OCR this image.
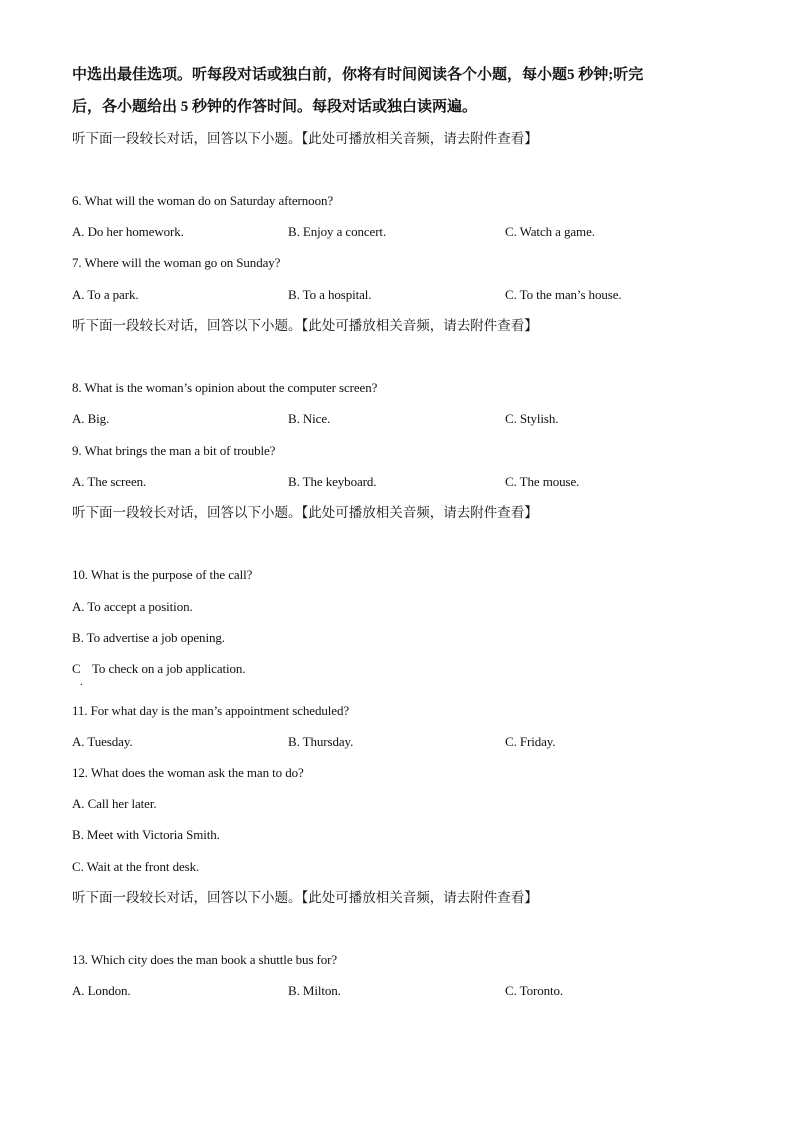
中选出最佳选项。听每段对话或独白前，你将有时间阅读各个小题，每小题5 秒钟;听完
后，各小题给出 5 秒钟的作答时间。每段对话或独白读两遍。
听下面一段较长对话，回答以下小题。【此处可播放相关音频，请去附件查看】
6. What will the woman do on Saturday afternoon?
A. Do her homework.	B. Enjoy a concert.	C. Watch a game.
7. Where will the woman go on Sunday?
A. To a park.	B. To a hospital.	C. To the man’s house.
听下面一段较长对话，回答以下小题。【此处可播放相关音频，请去附件查看】
8. What is the woman’s opinion about the computer screen?
A. Big.	B. Nice.	C. Stylish.
9. What brings the man a bit of trouble?
A. The screen.	B. The keyboard.	C. The mouse.
听下面一段较长对话，回答以下小题。【此处可播放相关音频，请去附件查看】
10. What is the purpose of the call?
A. To accept a position.
B. To advertise a job opening.
C To check on a job application.
.
11. For what day is the man’s appointment scheduled?
A. Tuesday.	B. Thursday.	C. Friday.
12. What does the woman ask the man to do?
A. Call her later.
B. Meet with Victoria Smith.
C. Wait at the front desk.
听下面一段较长对话，回答以下小题。【此处可播放相关音频，请去附件查看】
13. Which city does the man book a shuttle bus for?
A. London.	B. Milton.	C. Toronto.
